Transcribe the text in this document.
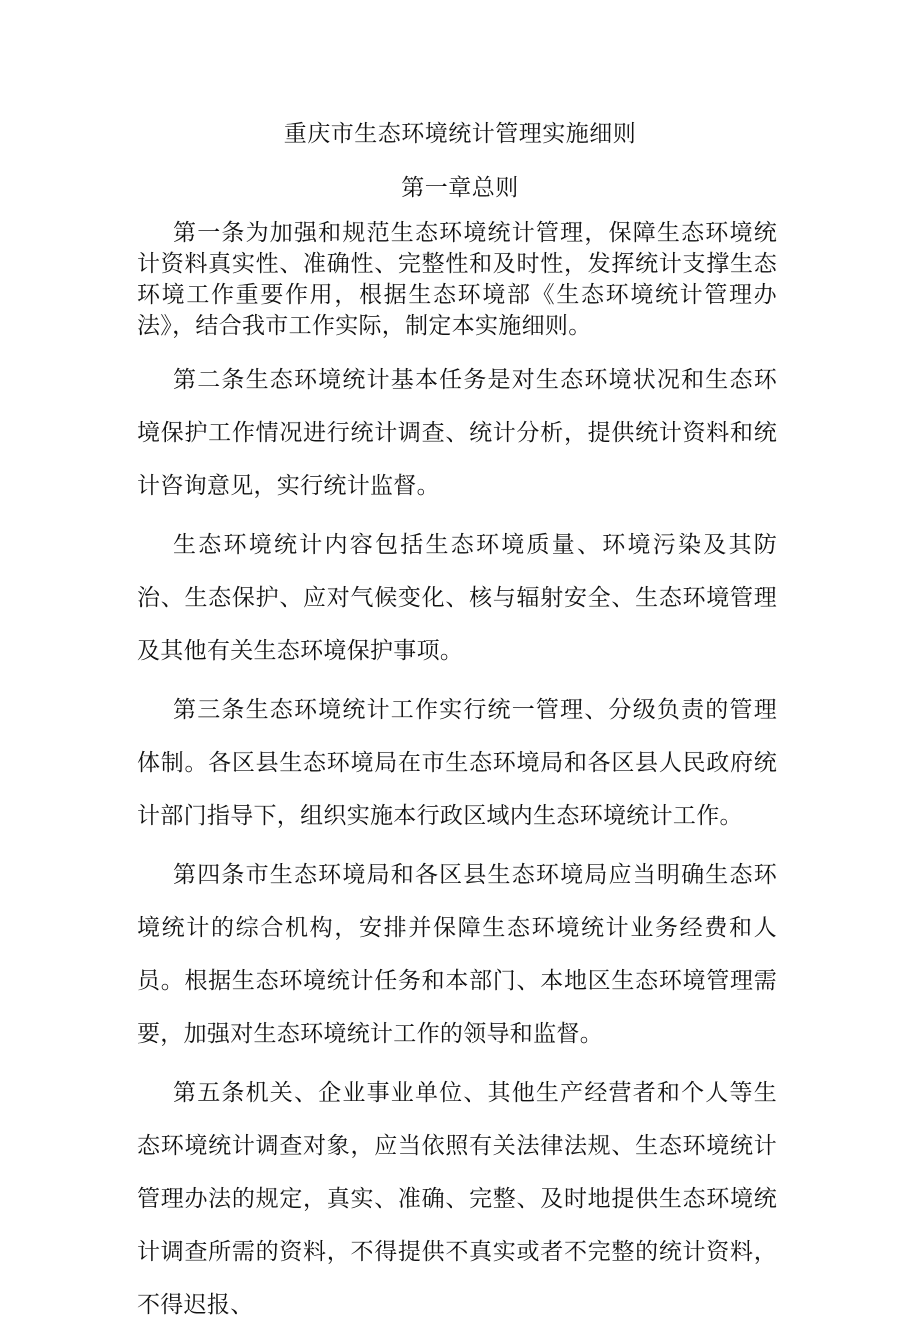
重庆市生态环境统计管理实施细则
第一章总则

第一条为加强和规范生态环境统计管理，保障生态环境统计资料真实性、准确性、完整性和及时性，发挥统计支撑生态环境工作重要作用，根据生态环境部《生态环境统计管理办法》，结合我市工作实际，制定本实施细则。

第二条生态环境统计基本任务是对生态环境状况和生态环境保护工作情况进行统计调查、统计分析，提供统计资料和统计咨询意见，实行统计监督。

生态环境统计内容包括生态环境质量、环境污染及其防治、生态保护、应对气候变化、核与辐射安全、生态环境管理及其他有关生态环境保护事项。

第三条生态环境统计工作实行统一管理、分级负责的管理体制。各区县生态环境局在市生态环境局和各区县人民政府统计部门指导下，组织实施本行政区域内生态环境统计工作。

第四条市生态环境局和各区县生态环境局应当明确生态环境统计的综合机构，安排并保障生态环境统计业务经费和人员。根据生态环境统计任务和本部门、本地区生态环境管理需要，加强对生态环境统计工作的领导和监督。

第五条机关、企业事业单位、其他生产经营者和个人等生态环境统计调查对象，应当依照有关法律法规、生态环境统计管理办法的规定，真实、准确、完整、及时地提供生态环境统计调查所需的资料，不得提供不真实或者不完整的统计资料，不得迟报、
